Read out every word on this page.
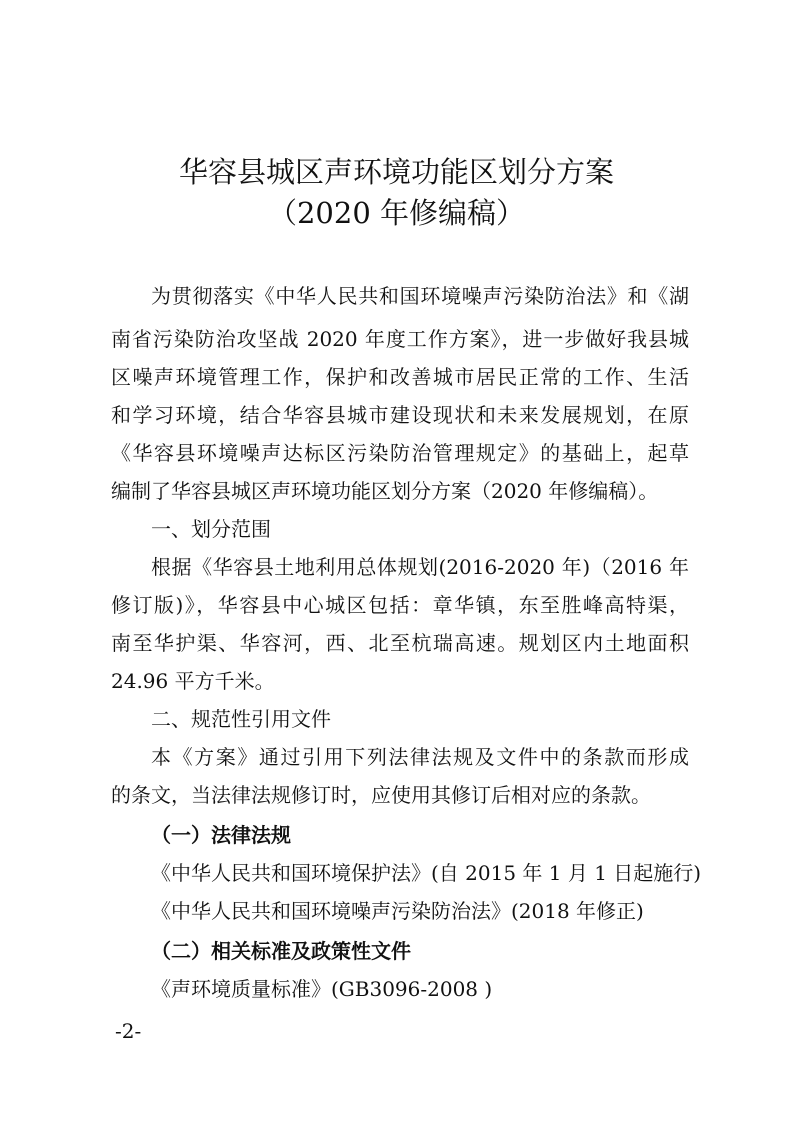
华容县城区声环境功能区划分方案
（2020 年修编稿）
为贯彻落实《中华人民共和国环境噪声污染防治法》和《湖
南省污染防治攻坚战 2020 年度工作方案》，进一步做好我县城
区噪声环境管理工作，保护和改善城市居民正常的工作、生活
和学习环境，结合华容县城市建设现状和未来发展规划，在原
《华容县环境噪声达标区污染防治管理规定》的基础上，起草
编制了华容县城区声环境功能区划分方案（2020 年修编稿）。
一、划分范围
根据《华容县土地利用总体规划(2016-2020 年)（2016 年
修订版)》，华容县中心城区包括：章华镇，东至胜峰高特渠，
南至华护渠、华容河，西、北至杭瑞高速。规划区内土地面积
24.96 平方千米。
二、规范性引用文件
本《方案》通过引用下列法律法规及文件中的条款而形成
的条文，当法律法规修订时，应使用其修订后相对应的条款。
（一）法律法规
《中华人民共和国环境保护法》(自 2015 年 1 月 1 日起施行)
《中华人民共和国环境噪声污染防治法》(2018 年修正)
（二）相关标准及政策性文件
《声环境质量标准》(GB3096-2008 )
-2-
